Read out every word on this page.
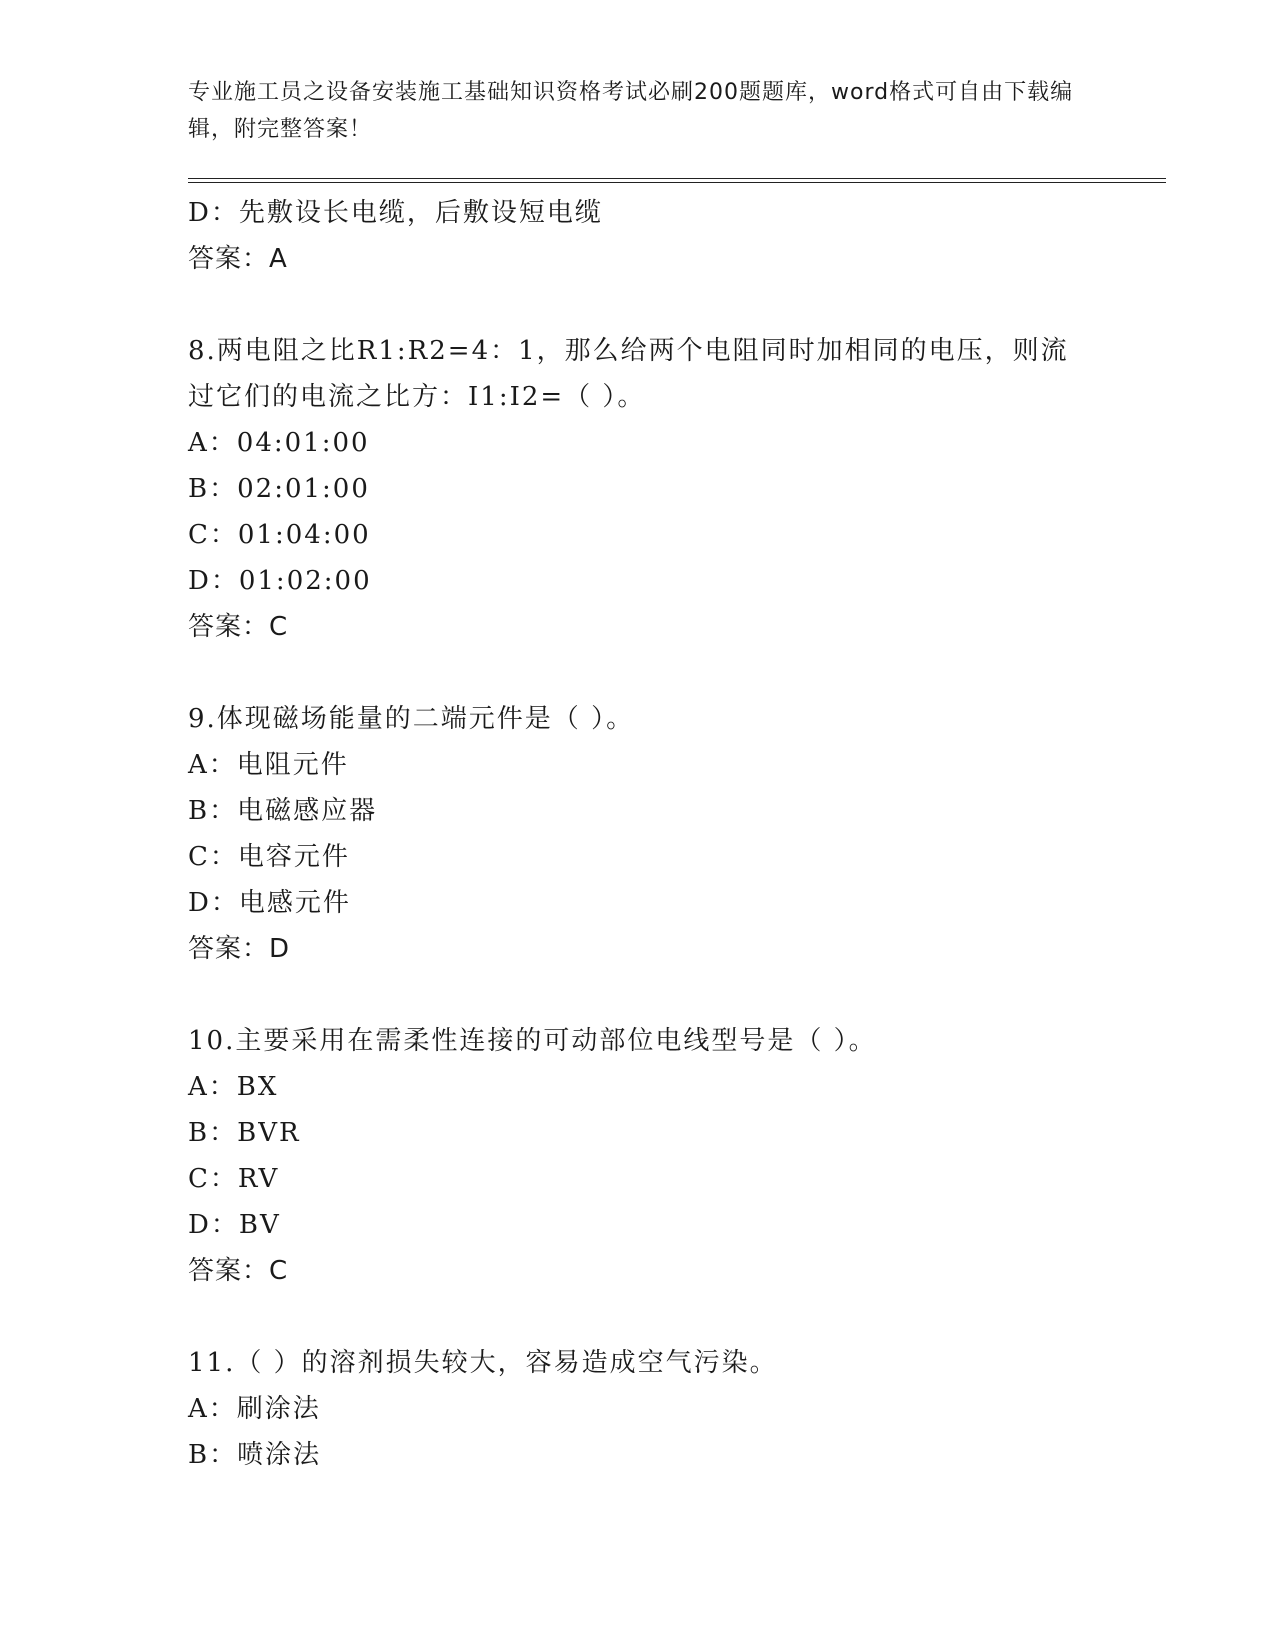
专业施工员之设备安装施工基础知识资格考试必刷200题题库，word格式可自由下载编辑，附完整答案！
D：先敷设长电缆，后敷设短电缆
答案：A
8.两电阻之比R1:R2=4：1，那么给两个电阻同时加相同的电压，则流过它们的电流之比方：I1:I2=（ ）。
A：04:01:00
B：02:01:00
C：01:04:00
D：01:02:00
答案：C
9.体现磁场能量的二端元件是（ ）。
A：电阻元件
B：电磁感应器
C：电容元件
D：电感元件
答案：D
10.主要采用在需柔性连接的可动部位电线型号是（ ）。
A：BX
B：BVR
C：RV
D：BV
答案：C
11.（ ）的溶剂损失较大，容易造成空气污染。
A：刷涂法
B：喷涂法
